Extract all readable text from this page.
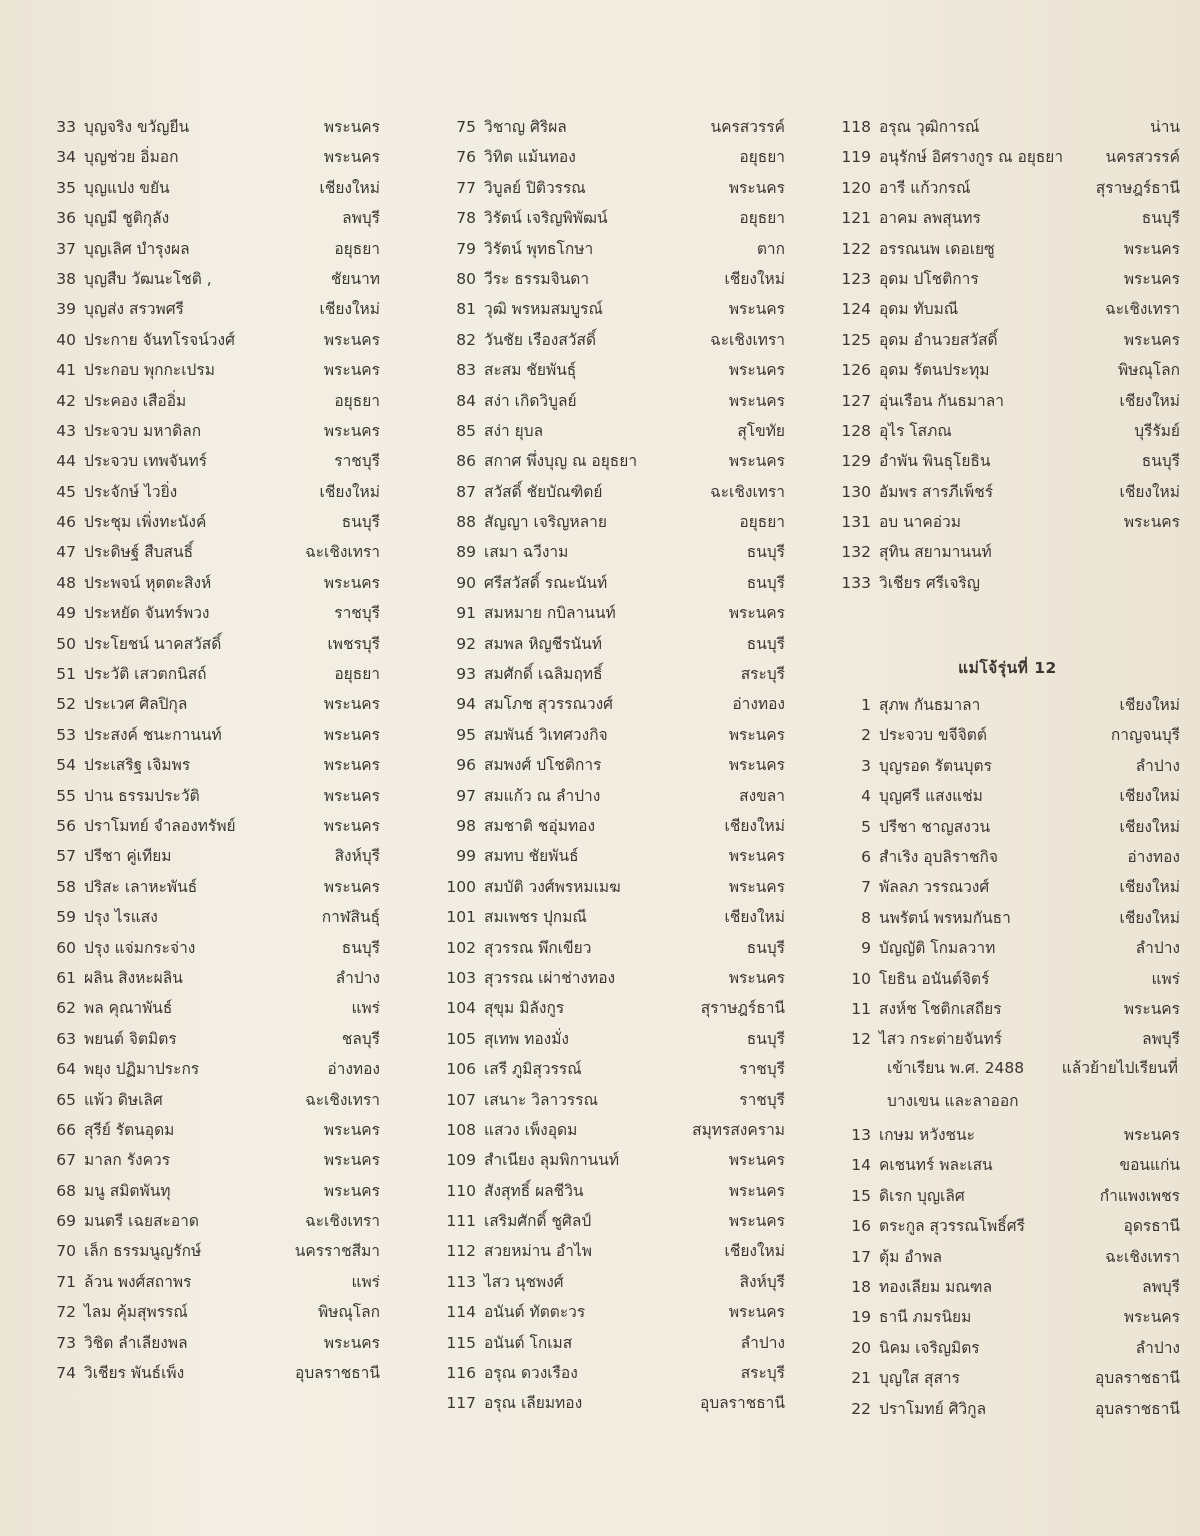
33 บุญจริง ขวัญยืน	พระนคร
34 บุญช่วย อิ่มอก	พระนคร
35 บุญแปง ขยัน	เชียงใหม่
36 บุญมี ชูติกุลัง	ลพบุรี
37 บุญเลิศ บำรุงผล	อยุธยา
38 บุญสืบ วัฒนะโชติ ,	ชัยนาท
39 บุญส่ง สรวพศรี	เชียงใหม่
40 ประกาย จันทโรจน์วงศ์	พระนคร
41 ประกอบ พุกกะเปรม	พระนคร
42 ประคอง เสืออิ่ม	อยุธยา
43 ประจวบ มหาดิลก	พระนคร
44 ประจวบ เทพจันทร์	ราชบุรี
45 ประจักษ์ ไวยิ่ง	เชียงใหม่
46 ประชุม เพิ่งทะนังค์	ธนบุรี
47 ประดิษฐ์ สืบสนธิ์	ฉะเชิงเทรา
48 ประพจน์ หุตตะสิงห์	พระนคร
49 ประหยัด จันทร์พวง	ราชบุรี
50 ประโยชน์ นาคสวัสดิ์	เพชรบุรี
51 ประวัติ เสวตกนิสถ์	อยุธยา
52 ประเวศ ศิลปิกุล	พระนคร
53 ประสงค์ ชนะกานนท์	พระนคร
54 ประเสริฐ เจิมพร	พระนคร
55 ปาน ธรรมประวัติ	พระนคร
56 ปราโมทย์ จำลองทรัพย์	พระนคร
57 ปรีชา คู่เทียม	สิงห์บุรี
58 ปริสะ เลาหะพันธ์	พระนคร
59 ปรุง ไรแสง	กาฬสินธุ์
60 ปรุง แจ่มกระจ่าง	ธนบุรี
61 ผลิน สิงหะผลิน	ลำปาง
62 พล คุณาพันธ์	แพร่
63 พยนต์ จิตมิตร	ชลบุรี
64 พยุง ปฏิมาประกร	อ่างทอง
65 แพ้ว ดิษเลิศ	ฉะเชิงเทรา
66 สุรีย์ รัตนอุดม	พระนคร
67 มาลก รังควร	พระนคร
68 มนู สมิตพันทุ	พระนคร
69 มนตรี เฉยสะอาด	ฉะเชิงเทรา
70 เล็ก ธรรมนูญรักษ์	นครราชสีมา
71 ล้วน พงศ์สถาพร	แพร่
72 ไลม คุ้มสุพรรณ์	พิษณุโลก
73 วิชิต ลำเลียงพล	พระนคร
74 วิเชียร พันธ์เพ็ง	อุบลราชธานี
75 วิชาญ ศิริผล	นครสวรรค์
76 วิทิต แม้นทอง	อยุธยา
77 วิบูลย์ ปิติวรรณ	พระนคร
78 วิรัตน์ เจริญพิพัฒน์	อยุธยา
79 วิรัตน์ พุทธโกษา	ตาก
80 วีระ ธรรมจินดา	เชียงใหม่
81 วุฒิ พรหมสมบูรณ์	พระนคร
82 วันชัย เรืองสวัสดิ์	ฉะเชิงเทรา
83 สะสม ชัยพันธุ์	พระนคร
84 สง่า เกิดวิบูลย์	พระนคร
85 สง่า ยุบล	สุโขทัย
86 สกาศ พึ่งบุญ ณ อยุธยา	พระนคร
87 สวัสดิ์ ชัยบัณฑิตย์	ฉะเชิงเทรา
88 สัญญา เจริญหลาย	อยุธยา
89 เสมา ฉวีงาม	ธนบุรี
90 ศรีสวัสดิ์ รณะนันท์	ธนบุรี
91 สมหมาย กบิลานนท์	พระนคร
92 สมพล หิญชีรนันท์	ธนบุรี
93 สมศักดิ์ เฉลิมฤทธิ์	สระบุรี
94 สมโภช สุวรรณวงศ์	อ่างทอง
95 สมพันธ์ วิเทศวงกิจ	พระนคร
96 สมพงศ์ ปโชติการ	พระนคร
97 สมแก้ว ณ ลำปาง	สงขลา
98 สมชาติ ชอุ่มทอง	เชียงใหม่
99 สมทบ ชัยพันธ์	พระนคร
100 สมบัติ วงศ์พรหมเมฆ	พระนคร
101 สมเพชร ปุกมณี	เชียงใหม่
102 สุวรรณ พึกเขียว	ธนบุรี
103 สุวรรณ เผ่าช่างทอง	พระนคร
104 สุขุม มิลังกูร	สุราษฎร์ธานี
105 สุเทพ ทองมั่ง	ธนบุรี
106 เสรี ภูมิสุวรรณ์	ราชบุรี
107 เสนาะ วิลาวรรณ	ราชบุรี
108 แสวง เพ็งอุดม	สมุทรสงคราม
109 สำเนียง ลุมพิกานนท์	พระนคร
110 สังสุทธิ์ ผลชีวิน	พระนคร
111 เสริมศักดิ์ ชูศิลป์	พระนคร
112 สวยหม่าน อำไพ	เชียงใหม่
113 ไสว นุชพงศ์	สิงห์บุรี
114 อนันต์ ทัตตะวร	พระนคร
115 อนันต์ โกเมส	ลำปาง
116 อรุณ ดวงเรือง	สระบุรี
117 อรุณ เลียมทอง	อุบลราชธานี
118 อรุณ วุฒิการณ์	น่าน
119 อนุรักษ์ อิศรางกูร ณ อยุธยา	นครสวรรค์
120 อารี แก้วกรณ์	สุราษฎร์ธานี
121 อาคม ลพสุนทร	ธนบุรี
122 อรรณนพ เดอเยซู	พระนคร
123 อุดม ปโชติการ	พระนคร
124 อุดม ทับมณี	ฉะเชิงเทรา
125 อุดม อำนวยสวัสดิ์	พระนคร
126 อุดม รัตนประทุม	พิษณุโลก
127 อุ่นเรือน กันธมาลา	เชียงใหม่
128 อุไร โสภณ	บุรีรัมย์
129 อำพัน พินธุโยธิน	ธนบุรี
130 อัมพร สารภีเพ็ชร์	เชียงใหม่
131 อบ นาคอ่วม	พระนคร
132 สุทิน สยามานนท์
133 วิเชียร ศรีเจริญ
แม่โจ้รุ่นที่ 12
1 สุภพ กันธมาลา	เชียงใหม่
2 ประจวบ ขจีจิตต์	กาญจนบุรี
3 บุญรอด รัตนบุตร	ลำปาง
4 บุญศรี แสงแช่ม	เชียงใหม่
5 ปรีชา ชาญสงวน	เชียงใหม่
6 สำเริง อุบลิราชกิจ	อ่างทอง
7 พัลลภ วรรณวงศ์	เชียงใหม่
8 นพรัตน์ พรหมกันธา	เชียงใหม่
9 บัญญัติ โกมลวาท	ลำปาง
10 โยธิน อนันต์จิตร์	แพร่
11 สงห์ช โชติกเสถียร	พระนคร
12 ไสว กระต่ายจันทร์	ลพบุรี
เข้าเรียน พ.ศ. 2488 แล้วย้ายไปเรียนที่
บางเขน และลาออก
13 เกษม หวังชนะ	พระนคร
14 คเชนทร์ พละเสน	ขอนแก่น
15 ดิเรก บุญเลิศ	กำแพงเพชร
16 ตระกูล สุวรรณโพธิ์ศรี	อุดรธานี
17 ตุ้ม อำพล	ฉะเชิงเทรา
18 ทองเลียม มณฑล	ลพบุรี
19 ธานี ภมรนิยม	พระนคร
20 นิคม เจริญมิตร	ลำปาง
21 บุญใส สุสาร	อุบลราชธานี
22 ปราโมทย์ ศิวิกูล	อุบลราชธานี
